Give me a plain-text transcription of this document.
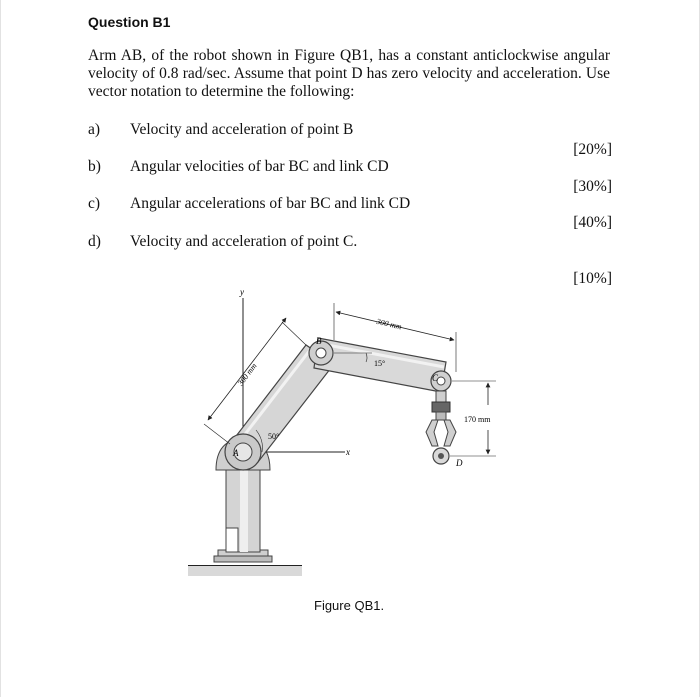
Question B1

Arm AB, of the robot shown in Figure QB1, has a constant anticlockwise angular velocity of 0.8 rad/sec. Assume that point D has zero velocity and acceleration. Use vector notation to determine the following:

a) Velocity and acceleration of point B
[20%]
b) Angular velocities of bar BC and link CD
[30%]
c) Angular accelerations of bar BC and link CD
[40%]
d) Velocity and acceleration of point C.
[10%]
y
x
B
A
C
D
300 mm
300 mm
15°
50°
170 mm
Figure QB1.
